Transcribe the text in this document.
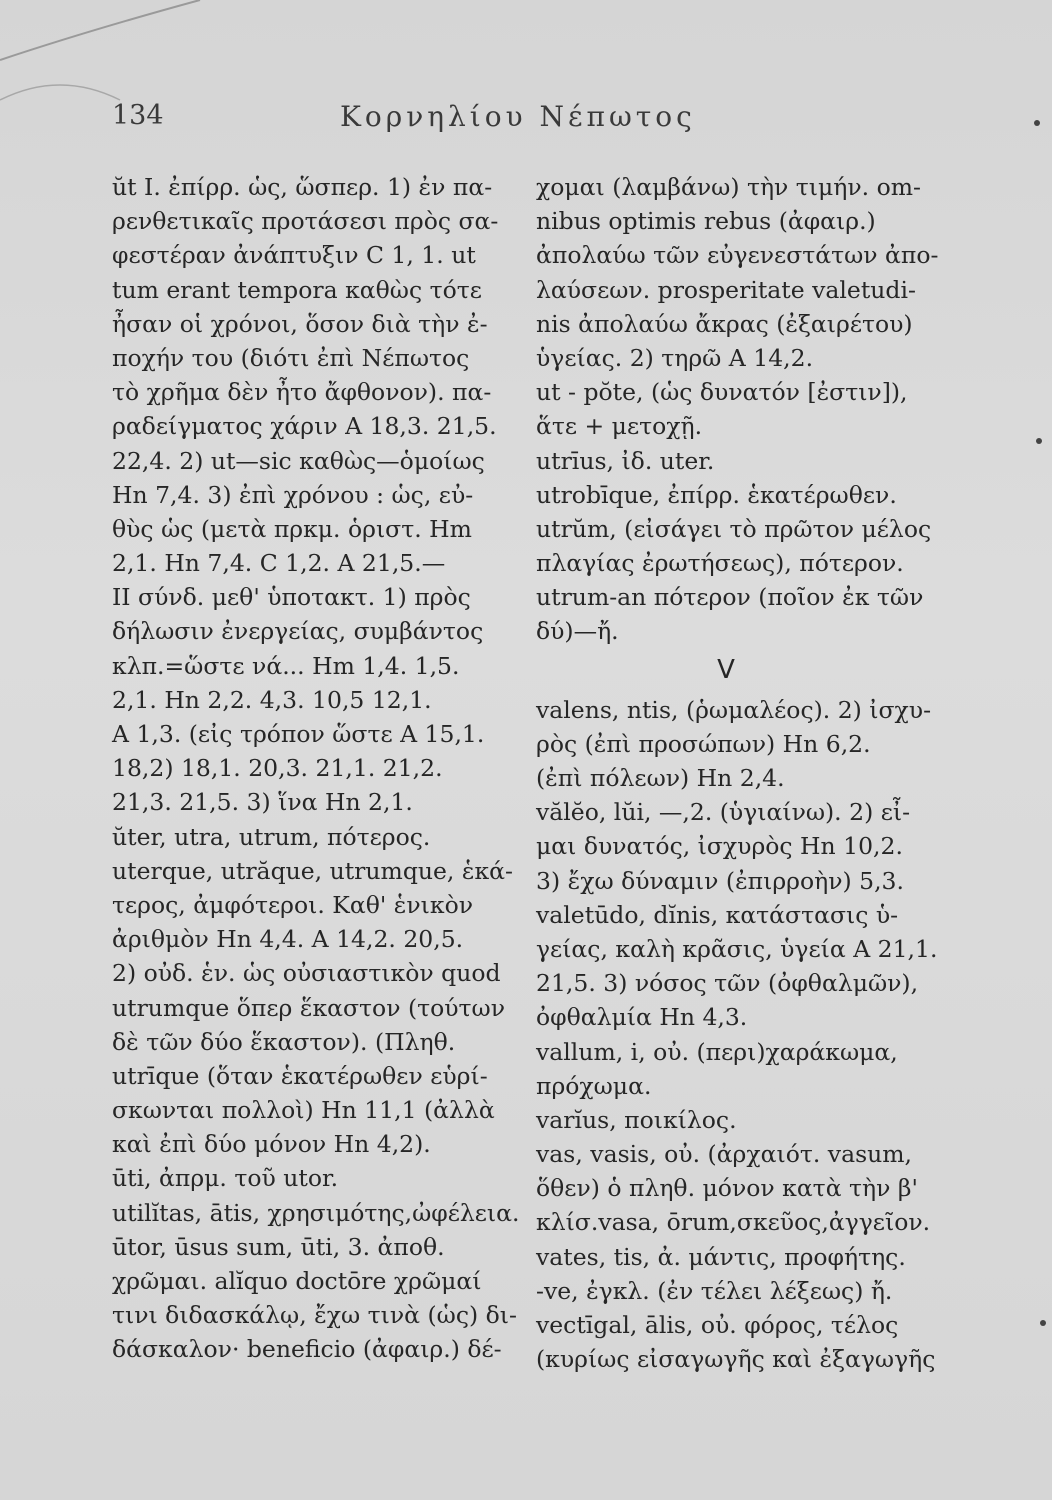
134	Κορνηλίου Νέπωτος
ŭt I. ἐπίρρ. ὡς, ὥσπερ. 1) ἐν πα-
ρενθετικαῖς προτάσεσι πρὸς σα-
φεστέραν ἀνάπτυξιν C 1, 1. ut
tum erant tempora καθὼς τότε
ἦσαν οἱ χρόνοι, ὅσον διὰ τὴν ἐ-
ποχήν του (διότι ἐπὶ Νέπωτος
τὸ χρῆμα δὲν ἦτο ἄφθονον). πα-
ραδείγματος χάριν A 18,3. 21,5.
22,4. 2) ut—sic καθὼς—ὁμοίως
Hn 7,4. 3) ἐπὶ χρόνου : ὡς, εὐ-
θὺς ὡς (μετὰ πρκμ. ὁριστ. Hm
2,1. Hn 7,4. C 1,2. A 21,5.—
II σύνδ. μεθ' ὑποτακτ. 1) πρὸς
δήλωσιν ἐνεργείας, συμβάντος
κλπ.=ὥστε νά... Hm 1,4. 1,5.
2,1. Hn 2,2. 4,3. 10,5 12,1.
A 1,3. (εἰς τρόπον ὥστε A 15,1.
18,2) 18,1. 20,3. 21,1. 21,2.
21,3. 21,5. 3) ἵνα Hn 2,1.
ŭter, utra, utrum, πότερος.
uterque, utrăque, utrumque, ἑκά-
τερος, ἀμφότεροι. Καθ' ἑνικὸν
ἀριθμὸν Hn 4,4. A 14,2. 20,5.
2) οὐδ. ἑν. ὡς οὐσιαστικὸν quod
utrumque ὅπερ ἕκαστον (τούτων
δὲ τῶν δύο ἕκαστον). (Πληθ.
utrīque (ὅταν ἑκατέρωθεν εὑρί-
σκωνται πολλοὶ) Hn 11,1 (ἀλλὰ
καὶ ἐπὶ δύο μόνον Hn 4,2).
ūti, ἀπρμ. τοῦ utor.
utilĭtas, ātis, χρησιμότης,ὠφέλεια.
ūtor, ūsus sum, ūti, 3. ἀποθ.
χρῶμαι. alĭquo doctōre χρῶμαί
τινι διδασκάλῳ, ἔχω τινὰ (ὡς) δι-
δάσκαλον· beneficio (ἀφαιρ.) δέ-
χομαι (λαμβάνω) τὴν τιμήν. om-
nibus optimis rebus (ἀφαιρ.)
ἀπολαύω τῶν εὐγενεστάτων ἀπο-
λαύσεων. prosperitate valetudi-
nis ἀπολαύω ἄκρας (ἐξαιρέτου)
ὑγείας. 2) τηρῶ A 14,2.
ut - pŏte, (ὡς δυνατόν [ἐστιν]),
ἅτε + μετοχῇ.
utrīus, ἰδ. uter.
utrobīque, ἐπίρρ. ἑκατέρωθεν.
utrŭm, (εἰσάγει τὸ πρῶτον μέλος
πλαγίας ἐρωτήσεως), πότερον.
utrum-an πότερον (ποῖον ἐκ τῶν
δύ)—ἤ.
V
valens, ntis, (ῥωμαλέος). 2) ἰσχυ-
ρὸς (ἐπὶ προσώπων) Hn 6,2.
(ἐπὶ πόλεων) Hn 2,4.
vălĕo, lŭi, —,2. (ὑγιαίνω). 2) εἶ-
μαι δυνατός, ἰσχυρὸς Hn 10,2.
3) ἔχω δύναμιν (ἐπιρροὴν) 5,3.
valetūdo, dĭnis, κατάστασις ὑ-
γείας, καλὴ κρᾶσις, ὑγεία A 21,1.
21,5. 3) νόσος τῶν (ὀφθαλμῶν),
ὀφθαλμία Hn 4,3.
vallum, i, οὐ. (περι)χαράκωμα,
πρόχωμα.
varĭus, ποικίλος.
vas, vasis, οὐ. (ἀρχαιότ. vasum,
ὅθεν) ὁ πληθ. μόνον κατὰ τὴν β'
κλίσ.vasa, ōrum,σκεῦος,ἀγγεῖον.
vates, tis, ἀ. μάντις, προφήτης.
-ve, ἐγκλ. (ἐν τέλει λέξεως) ἤ.
vectīgal, ālis, οὐ. φόρος, τέλος
(κυρίως εἰσαγωγῆς καὶ ἐξαγωγῆς
